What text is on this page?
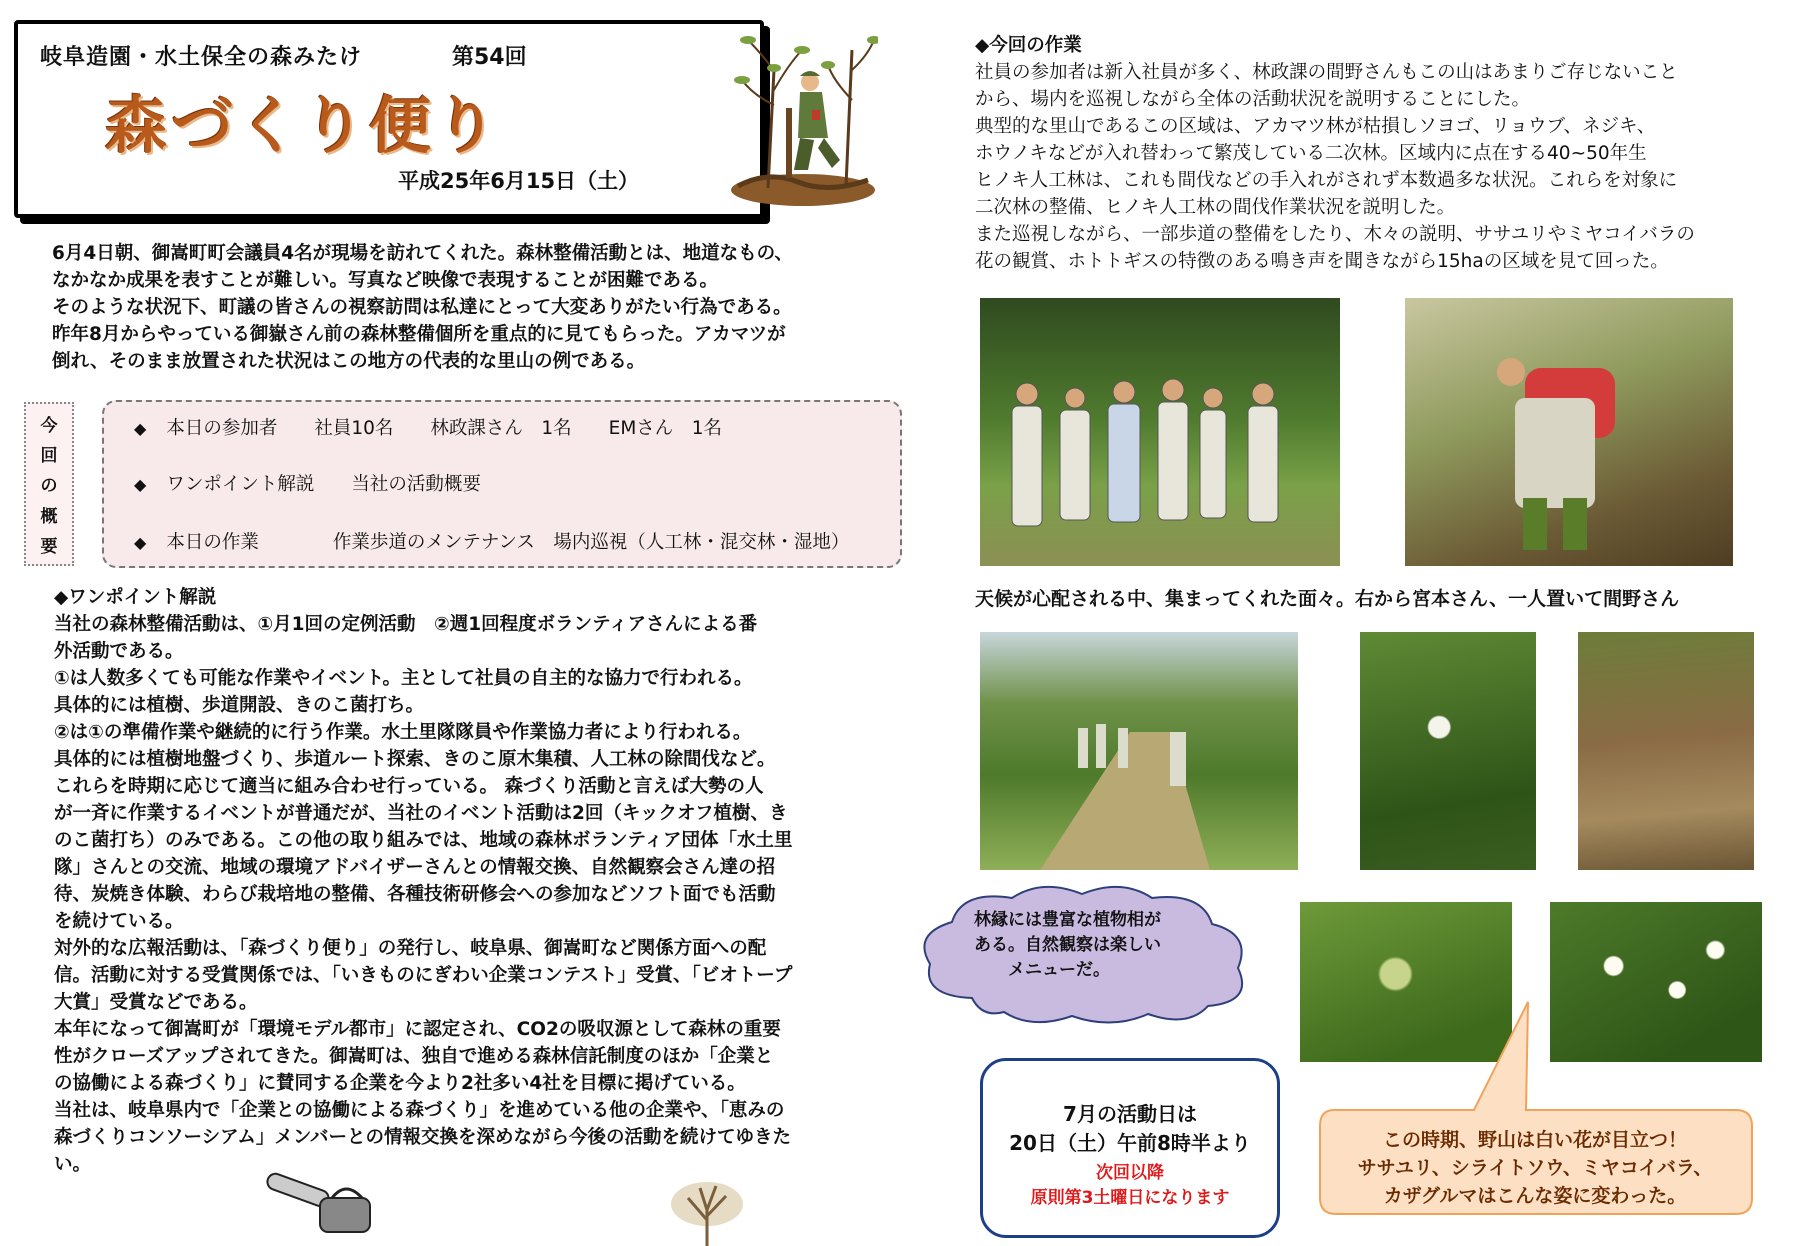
岐阜造園・水土保全の森みたけ	第54回
森づくり便り
平成25年6月15日（土）

6月4日朝、御嵩町町会議員4名が現場を訪れてくれた。森林整備活動とは、地道なもの、

なかなか成果を表すことが難しい。写真など映像で表現することが困難である。

そのような状況下、町議の皆さんの視察訪問は私達にとって大変ありがたい行為である。

昨年8月からやっている御嶽さん前の森林整備個所を重点的に見てもらった。アカマツが

倒れ、そのまま放置された状況はこの地方の代表的な里山の例である。

今
回
の
概
要
◆ 本日の参加者　　社員10名　　林政課さん　1名　　EMさん　1名
◆ ワンポイント解説　　当社の活動概要
◆ 本日の作業　　　　作業歩道のメンテナンス　場内巡視（人工林・混交林・湿地）

◆ワンポイント解説

当社の森林整備活動は、①月1回の定例活動　②週1回程度ボランティアさんによる番

外活動である。

①は人数多くても可能な作業やイベント。主として社員の自主的な協力で行われる。

具体的には植樹、歩道開設、きのこ菌打ち。

②は①の準備作業や継続的に行う作業。水土里隊隊員や作業協力者により行われる。

具体的には植樹地盤づくり、歩道ルート探索、きのこ原木集積、人工林の除間伐など。

これらを時期に応じて適当に組み合わせ行っている。 森づくり活動と言えば大勢の人

が一斉に作業するイベントが普通だが、当社のイベント活動は2回（キックオフ植樹、き

のこ菌打ち）のみである。この他の取り組みでは、地域の森林ボランティア団体「水土里

隊」さんとの交流、地域の環境アドバイザーさんとの情報交換、自然観察会さん達の招

待、炭焼き体験、わらび栽培地の整備、各種技術研修会への参加などソフト面でも活動

を続けている。

対外的な広報活動は、「森づくり便り」の発行し、岐阜県、御嵩町など関係方面への配

信。活動に対する受賞関係では、「いきものにぎわい企業コンテスト」受賞、「ビオトープ

大賞」受賞などである。

本年になって御嵩町が「環境モデル都市」に認定され、CO2の吸収源として森林の重要

性がクローズアップされてきた。御嵩町は、独自で進める森林信託制度のほか「企業と

の協働による森づくり」に賛同する企業を今より2社多い4社を目標に掲げている。

当社は、岐阜県内で「企業との協働による森づくり」を進めている他の企業や、「恵みの

森づくりコンソーシアム」メンバーとの情報交換を深めながら今後の活動を続けてゆきた

い。

◆今回の作業
社員の参加者は新入社員が多く、林政課の間野さんもこの山はあまりご存じないこと
から、場内を巡視しながら全体の活動状況を説明することにした。
典型的な里山であるこの区域は、アカマツ林が枯損しソヨゴ、リョウブ、ネジキ、
ホウノキなどが入れ替わって繁茂している二次林。区域内に点在する40~50年生
ヒノキ人工林は、これも間伐などの手入れがされず本数過多な状況。これらを対象に
二次林の整備、ヒノキ人工林の間伐作業状況を説明した。
また巡視しながら、一部歩道の整備をしたり、木々の説明、ササユリやミヤコイバラの
花の観賞、ホトトギスの特徴のある鳴き声を聞きながら15haの区域を見て回った。
天候が心配される中、集まってくれた面々。右から宮本さん、一人置いて間野さん
林縁には豊富な植物相が
ある。自然観察は楽しい
　　メニューだ。
7月の活動日は
20日（土）午前8時半より
次回以降
原則第3土曜日になります
この時期、野山は白い花が目立つ！
ササユリ、シライトソウ、ミヤコイバラ、
カザグルマはこんな姿に変わった。
